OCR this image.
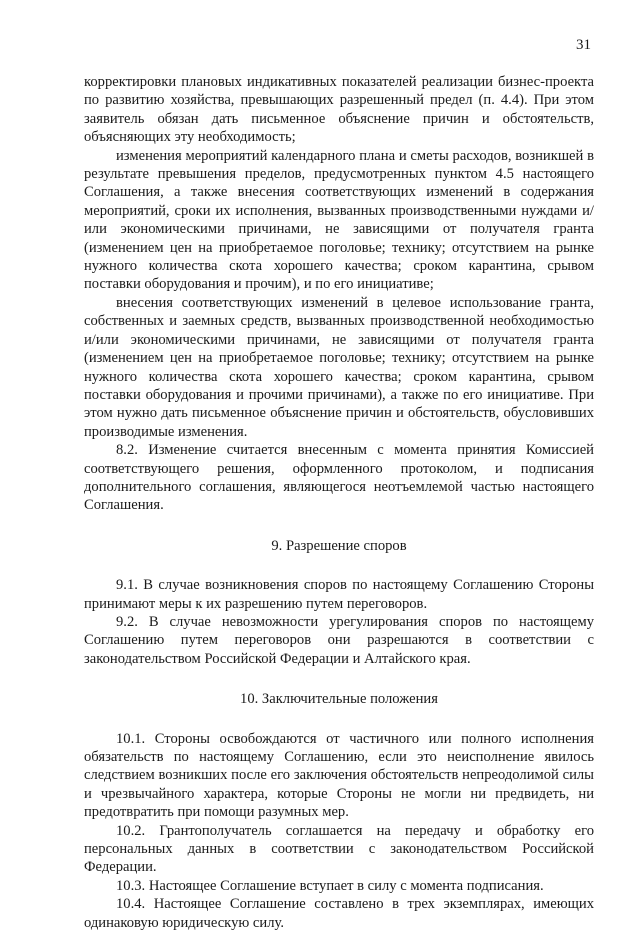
31

корректировки плановых индикативных показателей реализации бизнес-проекта по развитию хозяйства, превышающих разрешенный предел (п. 4.4). При этом заявитель обязан дать письменное объяснение причин и обстоятельств, объясняющих эту необходимость;

изменения мероприятий календарного плана и сметы расходов, возникшей в результате превышения пределов, предусмотренных пунктом 4.5 настоящего Соглашения, а также внесения соответствующих изменений в содержания мероприятий, сроки их исполнения, вызванных производственными нуждами и/или экономическими причинами, не зависящими от получателя гранта (изменением цен на приобретаемое поголовье; технику; отсутствием на рынке нужного количества скота хорошего качества; сроком карантина, срывом поставки оборудования и прочим), и по его инициативе;

внесения соответствующих изменений в целевое использование гранта, собственных и заемных средств, вызванных производственной необходимостью и/или экономическими причинами, не зависящими от получателя гранта (изменением цен на приобретаемое поголовье; технику; отсутствием на рынке нужного количества скота хорошего качества; сроком карантина, срывом поставки оборудования и прочими причинами), а также по его инициативе. При этом нужно дать письменное объяснение причин и обстоятельств, обусловивших производимые изменения.

8.2. Изменение считается внесенным с момента принятия Комиссией соответствующего решения, оформленного протоколом, и подписания дополнительного соглашения, являющегося неотъемлемой частью настоящего Соглашения.

9. Разрешение споров

9.1. В случае возникновения споров по настоящему Соглашению Стороны принимают меры к их разрешению путем переговоров.

9.2. В случае невозможности урегулирования споров по настоящему Соглашению путем переговоров они разрешаются в соответствии с законодательством Российской Федерации и Алтайского края.

10. Заключительные положения

10.1. Стороны освобождаются от частичного или полного исполнения обязательств по настоящему Соглашению, если это неисполнение явилось следствием возникших после его заключения обстоятельств непреодолимой силы и чрезвычайного характера, которые Стороны не могли ни предвидеть, ни предотвратить при помощи разумных мер.

10.2. Грантополучатель соглашается на передачу и обработку его персональных данных в соответствии с законодательством Российской Федерации.

10.3. Настоящее Соглашение вступает в силу с момента подписания.

10.4. Настоящее Соглашение составлено в трех экземплярах, имеющих одинаковую юридическую силу.
